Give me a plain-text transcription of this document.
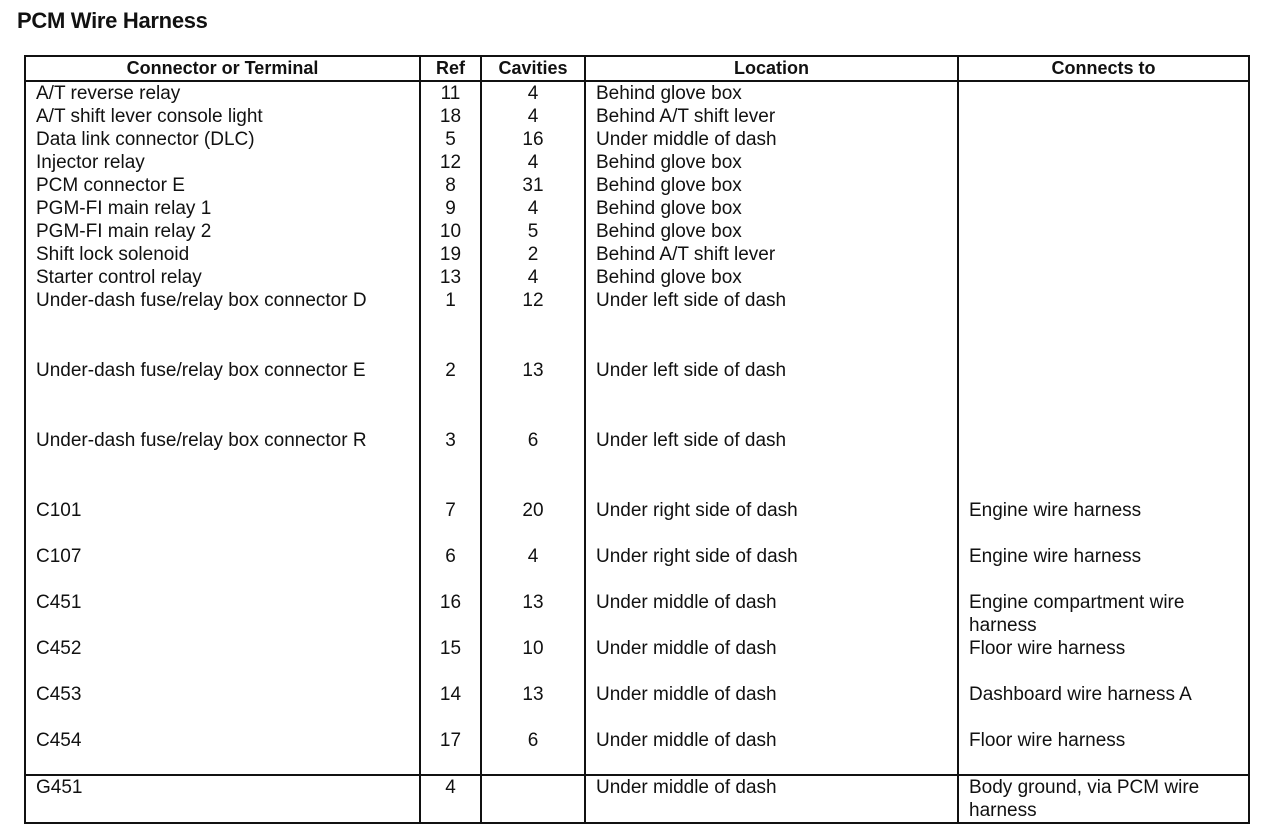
PCM Wire Harness
Connector or Terminal	Ref	Cavities	Location	Connects to
A/T reverse relay	11	4	Behind glove box	
A/T shift lever console light	18	4	Behind A/T shift lever	
Data link connector (DLC)	5	16	Under middle of dash	
Injector relay	12	4	Behind glove box	
PCM connector E	8	31	Behind glove box	
PGM-FI main relay 1	9	4	Behind glove box	
PGM-FI main relay 2	10	5	Behind glove box	
Shift lock solenoid	19	2	Behind A/T shift lever	
Starter control relay	13	4	Behind glove box	
Under-dash fuse/relay box connector D	1	12	Under left side of dash	
Under-dash fuse/relay box connector E	2	13	Under left side of dash	
Under-dash fuse/relay box connector R	3	6	Under left side of dash	
C101	7	20	Under right side of dash	Engine wire harness
C107	6	4	Under right side of dash	Engine wire harness
C451	16	13	Under middle of dash	Engine compartment wire harness
C452	15	10	Under middle of dash	Floor wire harness
C453	14	13	Under middle of dash	Dashboard wire harness A
C454	17	6	Under middle of dash	Floor wire harness
G451	4		Under middle of dash	Body ground, via PCM wire harness
